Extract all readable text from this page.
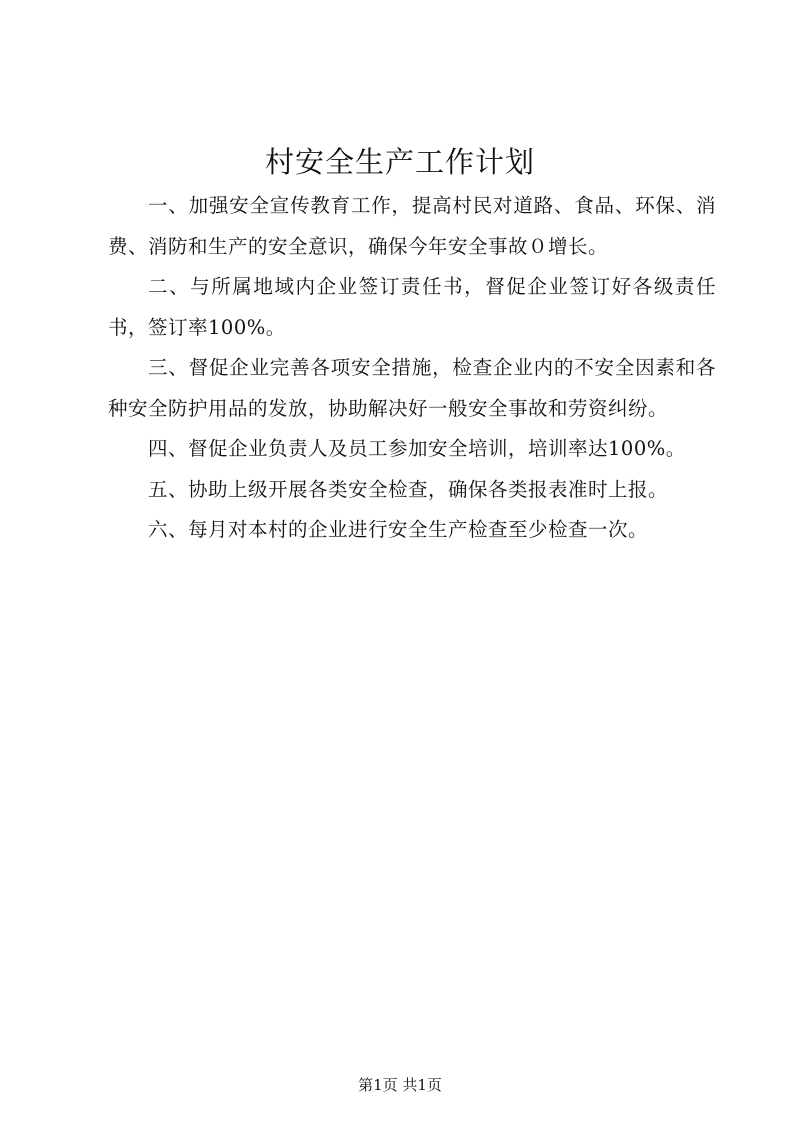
村安全生产工作计划

一、加强安全宣传教育工作，提高村民对道路、食品、环保、消费、消防和生产的安全意识，确保今年安全事故０增长。

二、与所属地域内企业签订责任书，督促企业签订好各级责任书，签订率100%。

三、督促企业完善各项安全措施，检查企业内的不安全因素和各种安全防护用品的发放，协助解决好一般安全事故和劳资纠纷。

四、督促企业负责人及员工参加安全培训，培训率达100%。

五、协助上级开展各类安全检查，确保各类报表准时上报。

六、每月对本村的企业进行安全生产检查至少检查一次。

第1页 共1页
